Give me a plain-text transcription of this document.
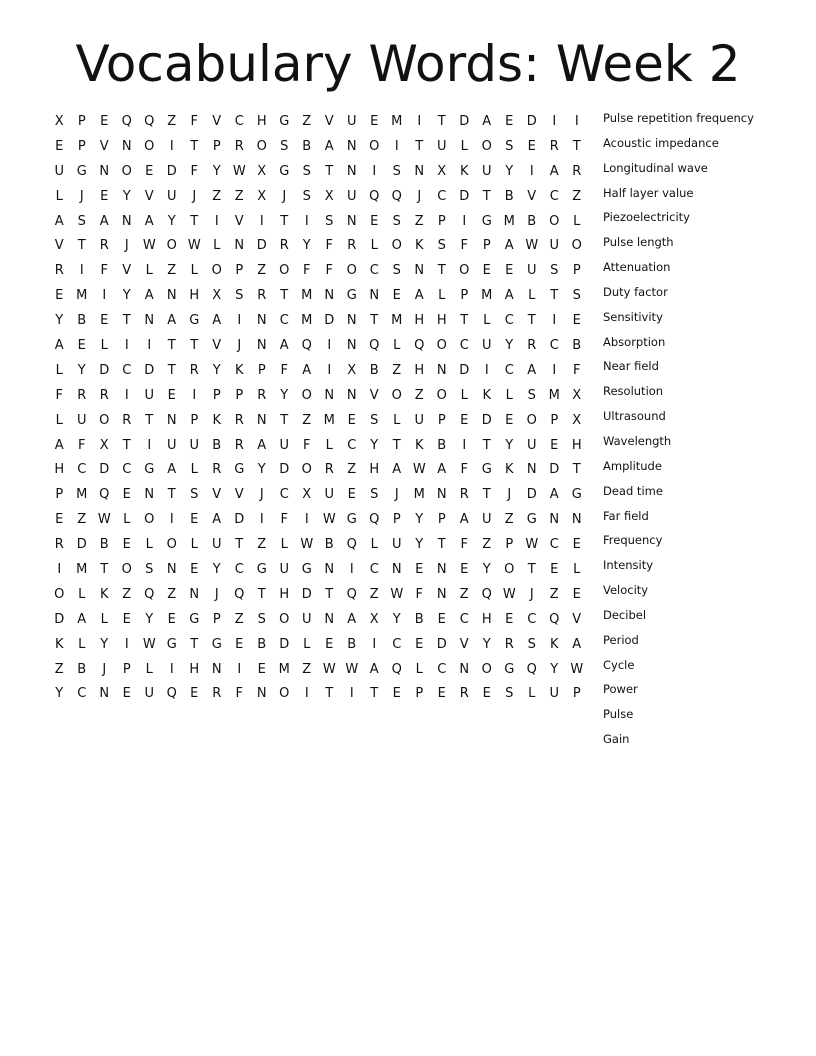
Vocabulary Words: Week 2
X	P	E	Q Q Z	F	V	C	H G	Z	V	U	E M	I	T	D	A	E	D	I	I
E	P	V	N O	I	T	P	R O	S	B	A	N O	I	T	U	L	O	S	E	R	T
U G N O	E	D	F	Y W X	G	S	T	N	I	S	N	X	K	U	Y	I	A	R
L	J	E	Y	V	U	J	Z	Z	X	J	S	X	U Q Q	J	C D	T	B	V	C	Z
A	S	A	N	A	Y	T	I	V	I	T	I	S	N	E	S	Z	P	I	G M B O	L
V	T	R	J	W O W L	N D R	Y	F	R	L	O	K	S	F	P	A W U O
R	I	F	V	L	Z	L	O	P	Z O	F	F	O C	S	N	T	O	E	E	U	S	P
E M	I	Y	A	N H	X	S	R	T M N G N	E	A	L	P M A	L	T	S
Y	B	E	T	N	A	G	A	I	N	C M D N	T M H H	T	L	C	T	I	E
A	E	L	I	I	T	T	V	J	N	A Q	I	N Q	L	Q O C	U	Y	R	C	B
L	Y	D C D	T	R	Y	K	P	F	A	I	X	B	Z	H N D	I	C	A	I	F
F	R	R	I	U	E	I	P	P	R	Y	O N N	V O Z O	L	K	L	S M X
L	U O R	T	N	P	K	R	N	T	Z M E	S	L	U	P	E	D	E	O	P	X
A	F	X	T	I	U U	B	R	A	U	F	L	C	Y	T	K	B	I	T	Y	U	E	H
H	C D C G	A	L	R G	Y	D O R	Z	H	A W A	F	G	K	N D	T
P M Q	E	N	T	S	V	V	J	C	X	U	E	S	J	M N	R	T	J	D	A	G
E	Z W L	O	I	E	A	D	I	F	I	W G Q	P	Y	P	A	U	Z	G N N
R D	B	E	L	O	L	U	T	Z	L W B Q	L	U	Y	T	F	Z	P W C	E
I	M T	O	S	N	E	Y	C G U G N	I	C	N	E	N	E	Y	O	T	E	L
O	L	K	Z Q Z	N	J	Q	T	H D	T	Q Z W F	N	Z Q W	J	Z	E
D	A	L	E	Y	E	G	P	Z	S	O U N	A	X	Y	B	E	C	H	E	C Q V
K	L	Y	I	W G	T	G	E	B	D	L	E	B	I	C	E	D	V	Y	R	S	K	A
Z	B	J	P	L	I	H N	I	E M Z W W A Q	L	C	N O G Q	Y W
Y	C	N	E	U Q	E	R	F	N O	I	T	I	T	E	P	E	R	E	S	L	U	P
Pulse repetition frequency
Acoustic impedance
Longitudinal wave
Half layer value
Piezoelectricity
Pulse length
Attenuation
Duty factor
Sensitivity
Absorption
Near field
Resolution
Ultrasound
Wavelength
Amplitude
Dead time
Far field
Frequency
Intensity
Velocity
Decibel
Period
Cycle
Power
Pulse
Gain
